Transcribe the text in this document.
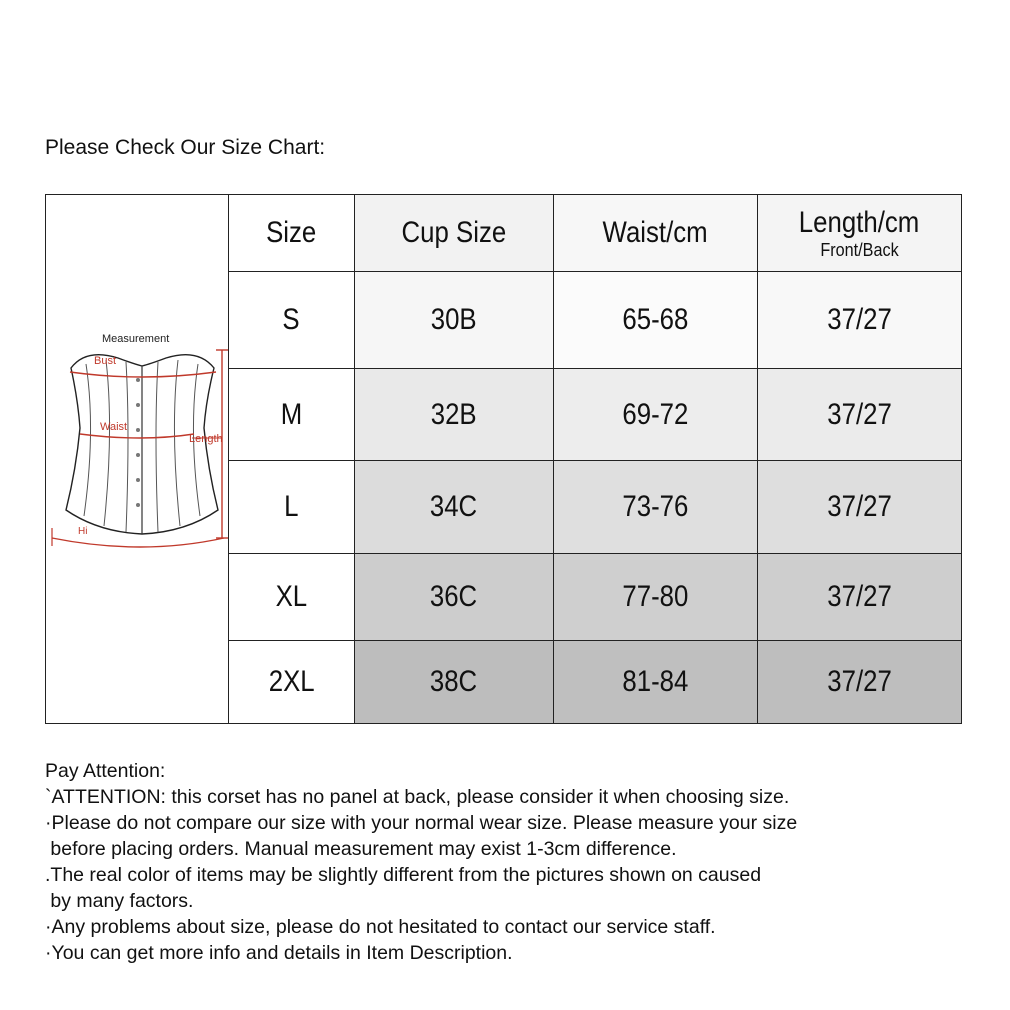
Please Check Our Size Chart:
Measurement
Bust
Waist
Length
Hi
Size	Cup Size	Waist/cm	Length/cm
Front/Back
S	30B	65-68	37/27
M	32B	69-72	37/27
L	34C	73-76	37/27
XL	36C	77-80	37/27
2XL	38C	81-84	37/27
Pay Attention:
`ATTENTION: this corset has no panel at back, please consider it when choosing size.
·Please do not compare our size with your normal wear size. Please measure your size
before placing orders. Manual measurement may exist 1-3cm difference.
.The real color of items may be slightly different from the pictures shown on caused
by many factors.
·Any problems about size, please do not hesitated to contact our service staff.
·You can get more info and details in Item Description.
